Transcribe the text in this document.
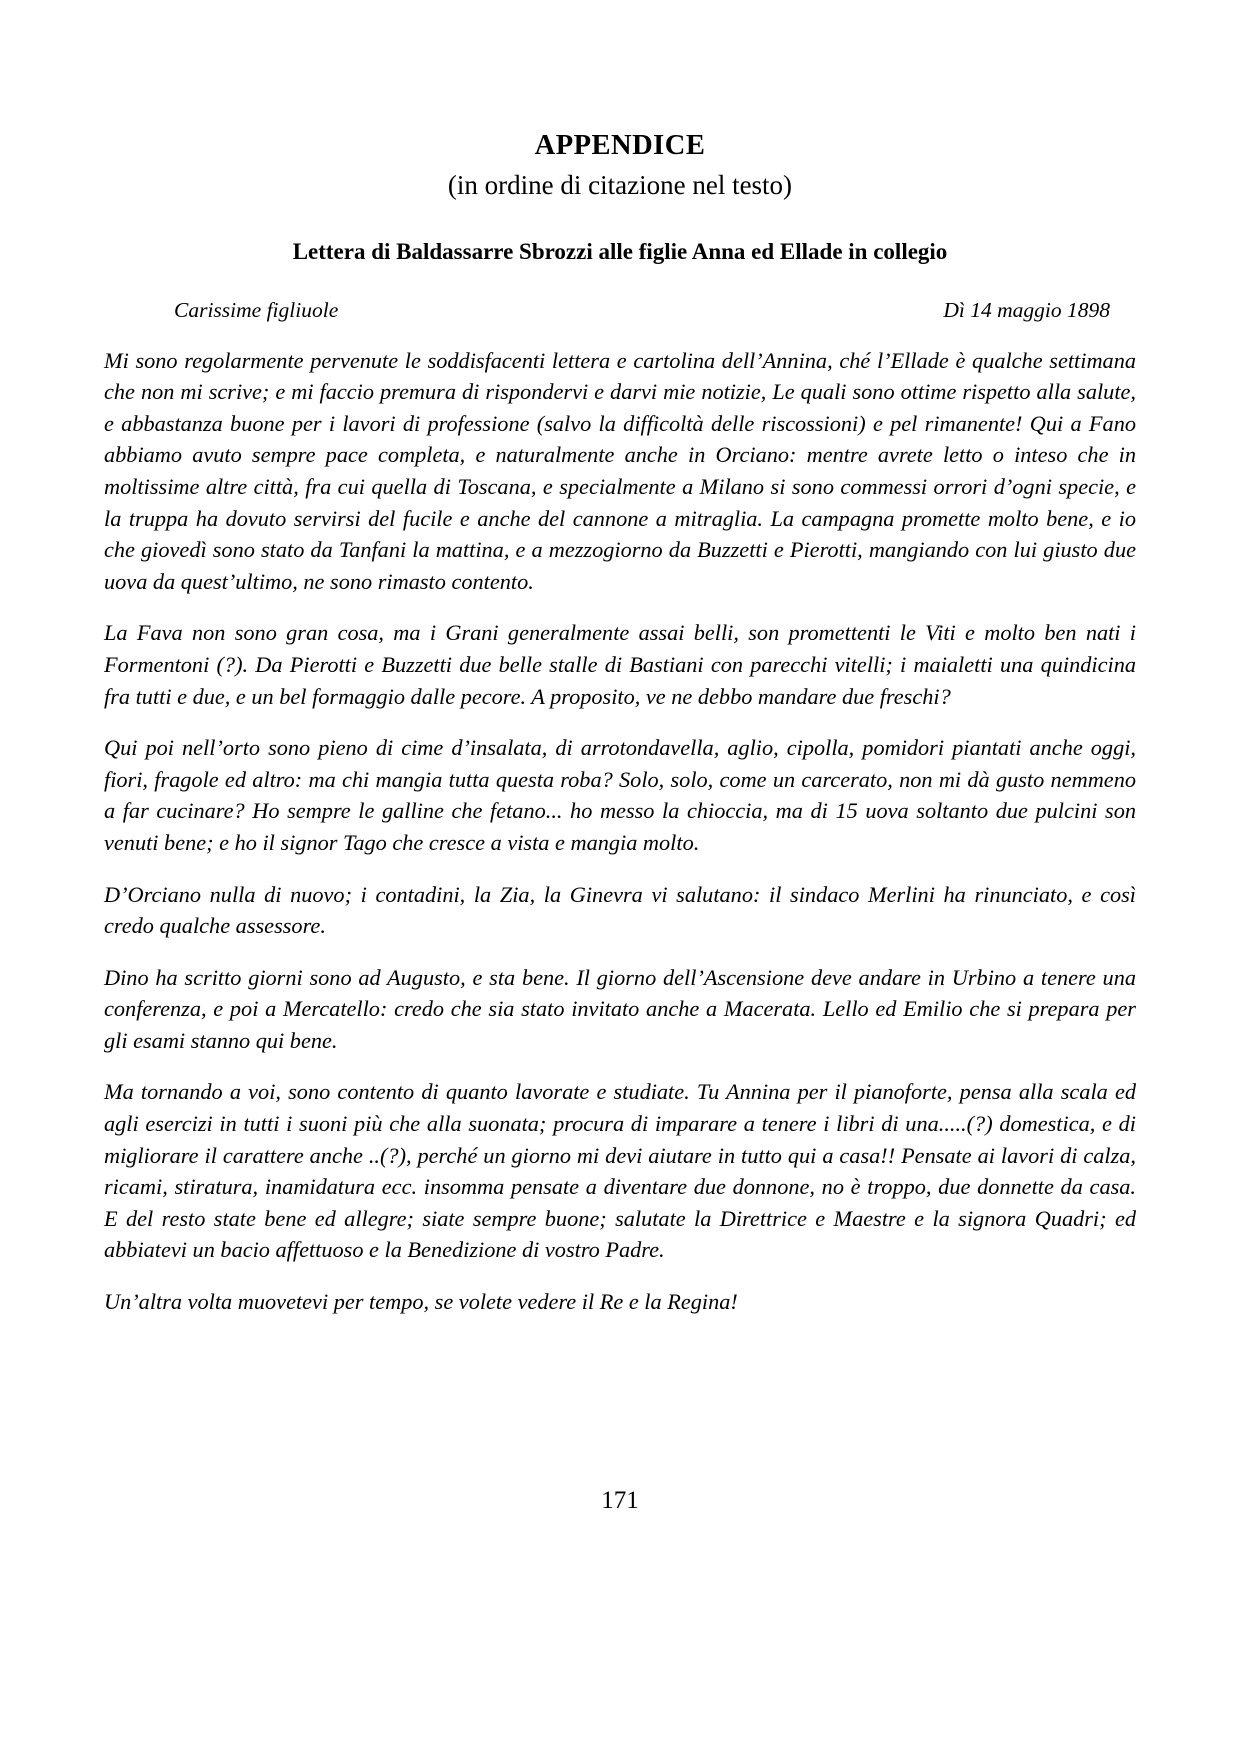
APPENDICE
(in ordine di citazione nel testo)
Lettera di Baldassarre Sbrozzi alle figlie Anna ed Ellade in collegio
Carissime figliuole	Dì 14 maggio 1898

Mi sono regolarmente pervenute le soddisfacenti lettera e cartolina dell’Annina, ché l’Ellade è qualche settimana che non mi scrive; e mi faccio premura di rispondervi e darvi mie notizie, Le quali sono ottime rispetto alla salute, e abbastanza buone per i lavori di professione (salvo la difficoltà delle riscossioni) e pel rimanente! Qui a Fano abbiamo avuto sempre pace completa, e naturalmente anche in Orciano: mentre avrete letto o inteso che in moltissime altre città, fra cui quella di Toscana, e specialmente a Milano si sono commessi orrori d’ogni specie, e la truppa ha dovuto servirsi del fucile e anche del cannone a mitraglia. La campagna promette molto bene, e io che giovedì sono stato da Tanfani la mattina, e a mezzogiorno da Buzzetti e Pierotti, mangiando con lui giusto due uova da quest’ultimo, ne sono rimasto contento.

La Fava non sono gran cosa, ma i Grani generalmente assai belli, son promettenti le Viti e molto ben nati i Formentoni (?). Da Pierotti e Buzzetti due belle stalle di Bastiani con parecchi vitelli; i maialetti una quindicina fra tutti e due, e un bel formaggio dalle pecore. A proposito, ve ne debbo mandare due freschi?

Qui poi nell’orto sono pieno di cime d’insalata, di arrotondavella, aglio, cipolla, pomidori piantati anche oggi, fiori, fragole ed altro: ma chi mangia tutta questa roba? Solo, solo, come un carcerato, non mi dà gusto nemmeno a far cucinare? Ho sempre le galline che fetano... ho messo la chioccia, ma di 15 uova soltanto due pulcini son venuti bene; e ho il signor Tago che cresce a vista e mangia molto.

D’Orciano nulla di nuovo; i contadini, la Zia, la Ginevra vi salutano: il sindaco Merlini ha rinunciato, e così credo qualche assessore.

Dino ha scritto giorni sono ad Augusto, e sta bene. Il giorno dell’Ascensione deve andare in Urbino a tenere una conferenza, e poi a Mercatello: credo che sia stato invitato anche a Macerata. Lello ed Emilio che si prepara per gli esami stanno qui bene.

Ma tornando a voi, sono contento di quanto lavorate e studiate. Tu Annina per il pianoforte, pensa alla scala ed agli esercizi in tutti i suoni più che alla suonata; procura di imparare a tenere i libri di una.....(?) domestica, e di migliorare il carattere anche ..(?), perché un giorno mi devi aiutare in tutto qui a casa!! Pensate ai lavori di calza, ricami, stiratura, inamidatura ecc. insomma pensate a diventare due donnone, no è troppo, due donnette da casa. E del resto state bene ed allegre; siate sempre buone; salutate la Direttrice e Maestre e la signora Quadri; ed abbiatevi un bacio affettuoso e la Benedizione di vostro Padre.

Un’altra volta muovetevi per tempo, se volete vedere il Re e la Regina!

171
